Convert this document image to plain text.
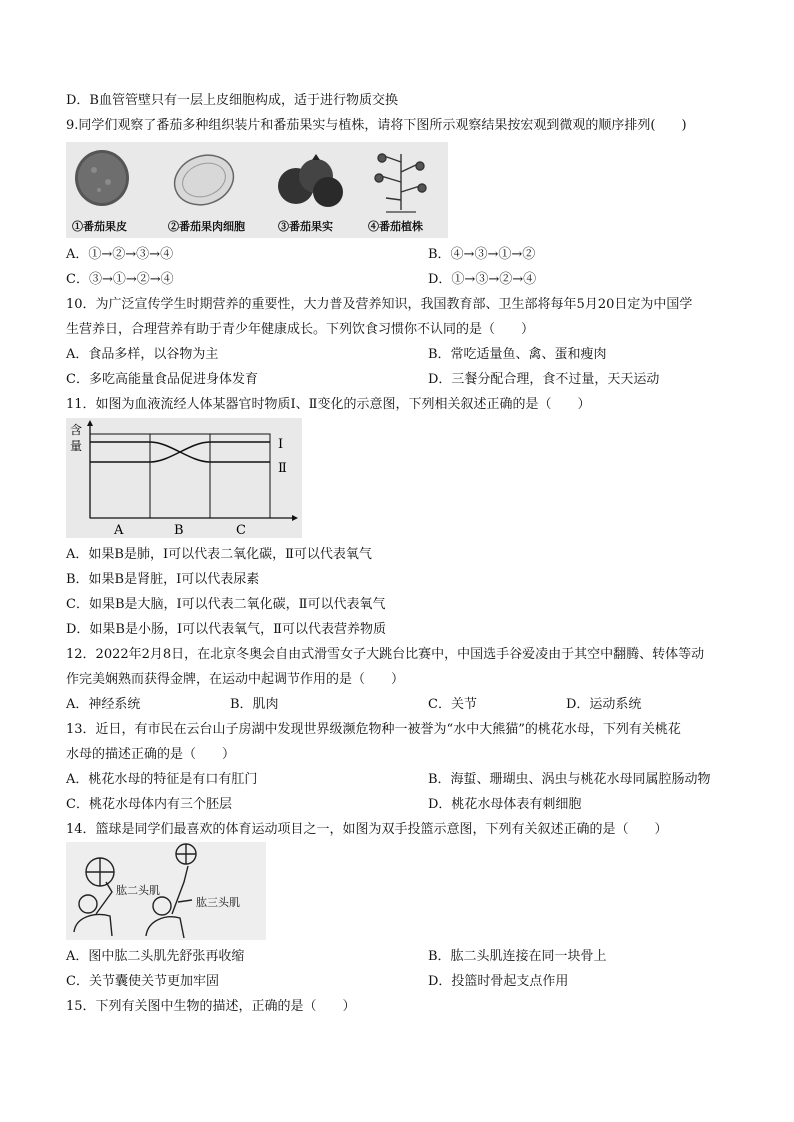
D．B血管管壁只有一层上皮细胞构成，适于进行物质交换
9.同学们观察了番茄多种组织装片和番茄果实与植株，请将下图所示观察结果按宏观到微观的顺序排列(　　)
①番茄果皮	②番茄果肉细胞	③番茄果实	④番茄植株
A．①→②→③→④	B．④→③→①→②
C．③→①→②→④	D．①→③→②→④
10．为广泛宣传学生时期营养的重要性，大力普及营养知识，我国教育部、卫生部将每年5月20日定为中国学
生营养日，合理营养有助于青少年健康成长。下列饮食习惯你不认同的是（　　）
A．食品多样，以谷物为主	B．常吃适量鱼、禽、蛋和瘦肉
C．多吃高能量食品促进身体发育	D．三餐分配合理，食不过量，天天运动
11．如图为血液流经人体某器官时物质Ⅰ、Ⅱ变化的示意图，下列相关叙述正确的是（　　）
含
量	Ⅰ
Ⅱ
A	B	C
A．如果B是肺，Ⅰ可以代表二氧化碳，Ⅱ可以代表氧气
B．如果B是肾脏，Ⅰ可以代表尿素
C．如果B是大脑，Ⅰ可以代表二氧化碳，Ⅱ可以代表氧气
D．如果B是小肠，Ⅰ可以代表氧气，Ⅱ可以代表营养物质
12．2022年2月8日，在北京冬奥会自由式滑雪女子大跳台比赛中，中国选手谷爱凌由于其空中翻腾、转体等动
作完美娴熟而获得金牌，在运动中起调节作用的是（　　）
A．神经系统	B．肌肉	C．关节	D．运动系统
13．近日，有市民在云台山子房湖中发现世界级濒危物种一被誉为“水中大熊猫”的桃花水母，下列有关桃花
水母的描述正确的是（　　）
A．桃花水母的特征是有口有肛门	B．海蜇、珊瑚虫、涡虫与桃花水母同属腔肠动物
C．桃花水母体内有三个胚层	D．桃花水母体表有刺细胞
14．篮球是同学们最喜欢的体育运动项目之一，如图为双手投篮示意图，下列有关叙述正确的是（　　）
肱二头肌
肱三头肌
A．图中肱二头肌先舒张再收缩	B．肱二头肌连接在同一块骨上
C．关节囊使关节更加牢固	D．投篮时骨起支点作用
15．下列有关图中生物的描述，正确的是（　　）
